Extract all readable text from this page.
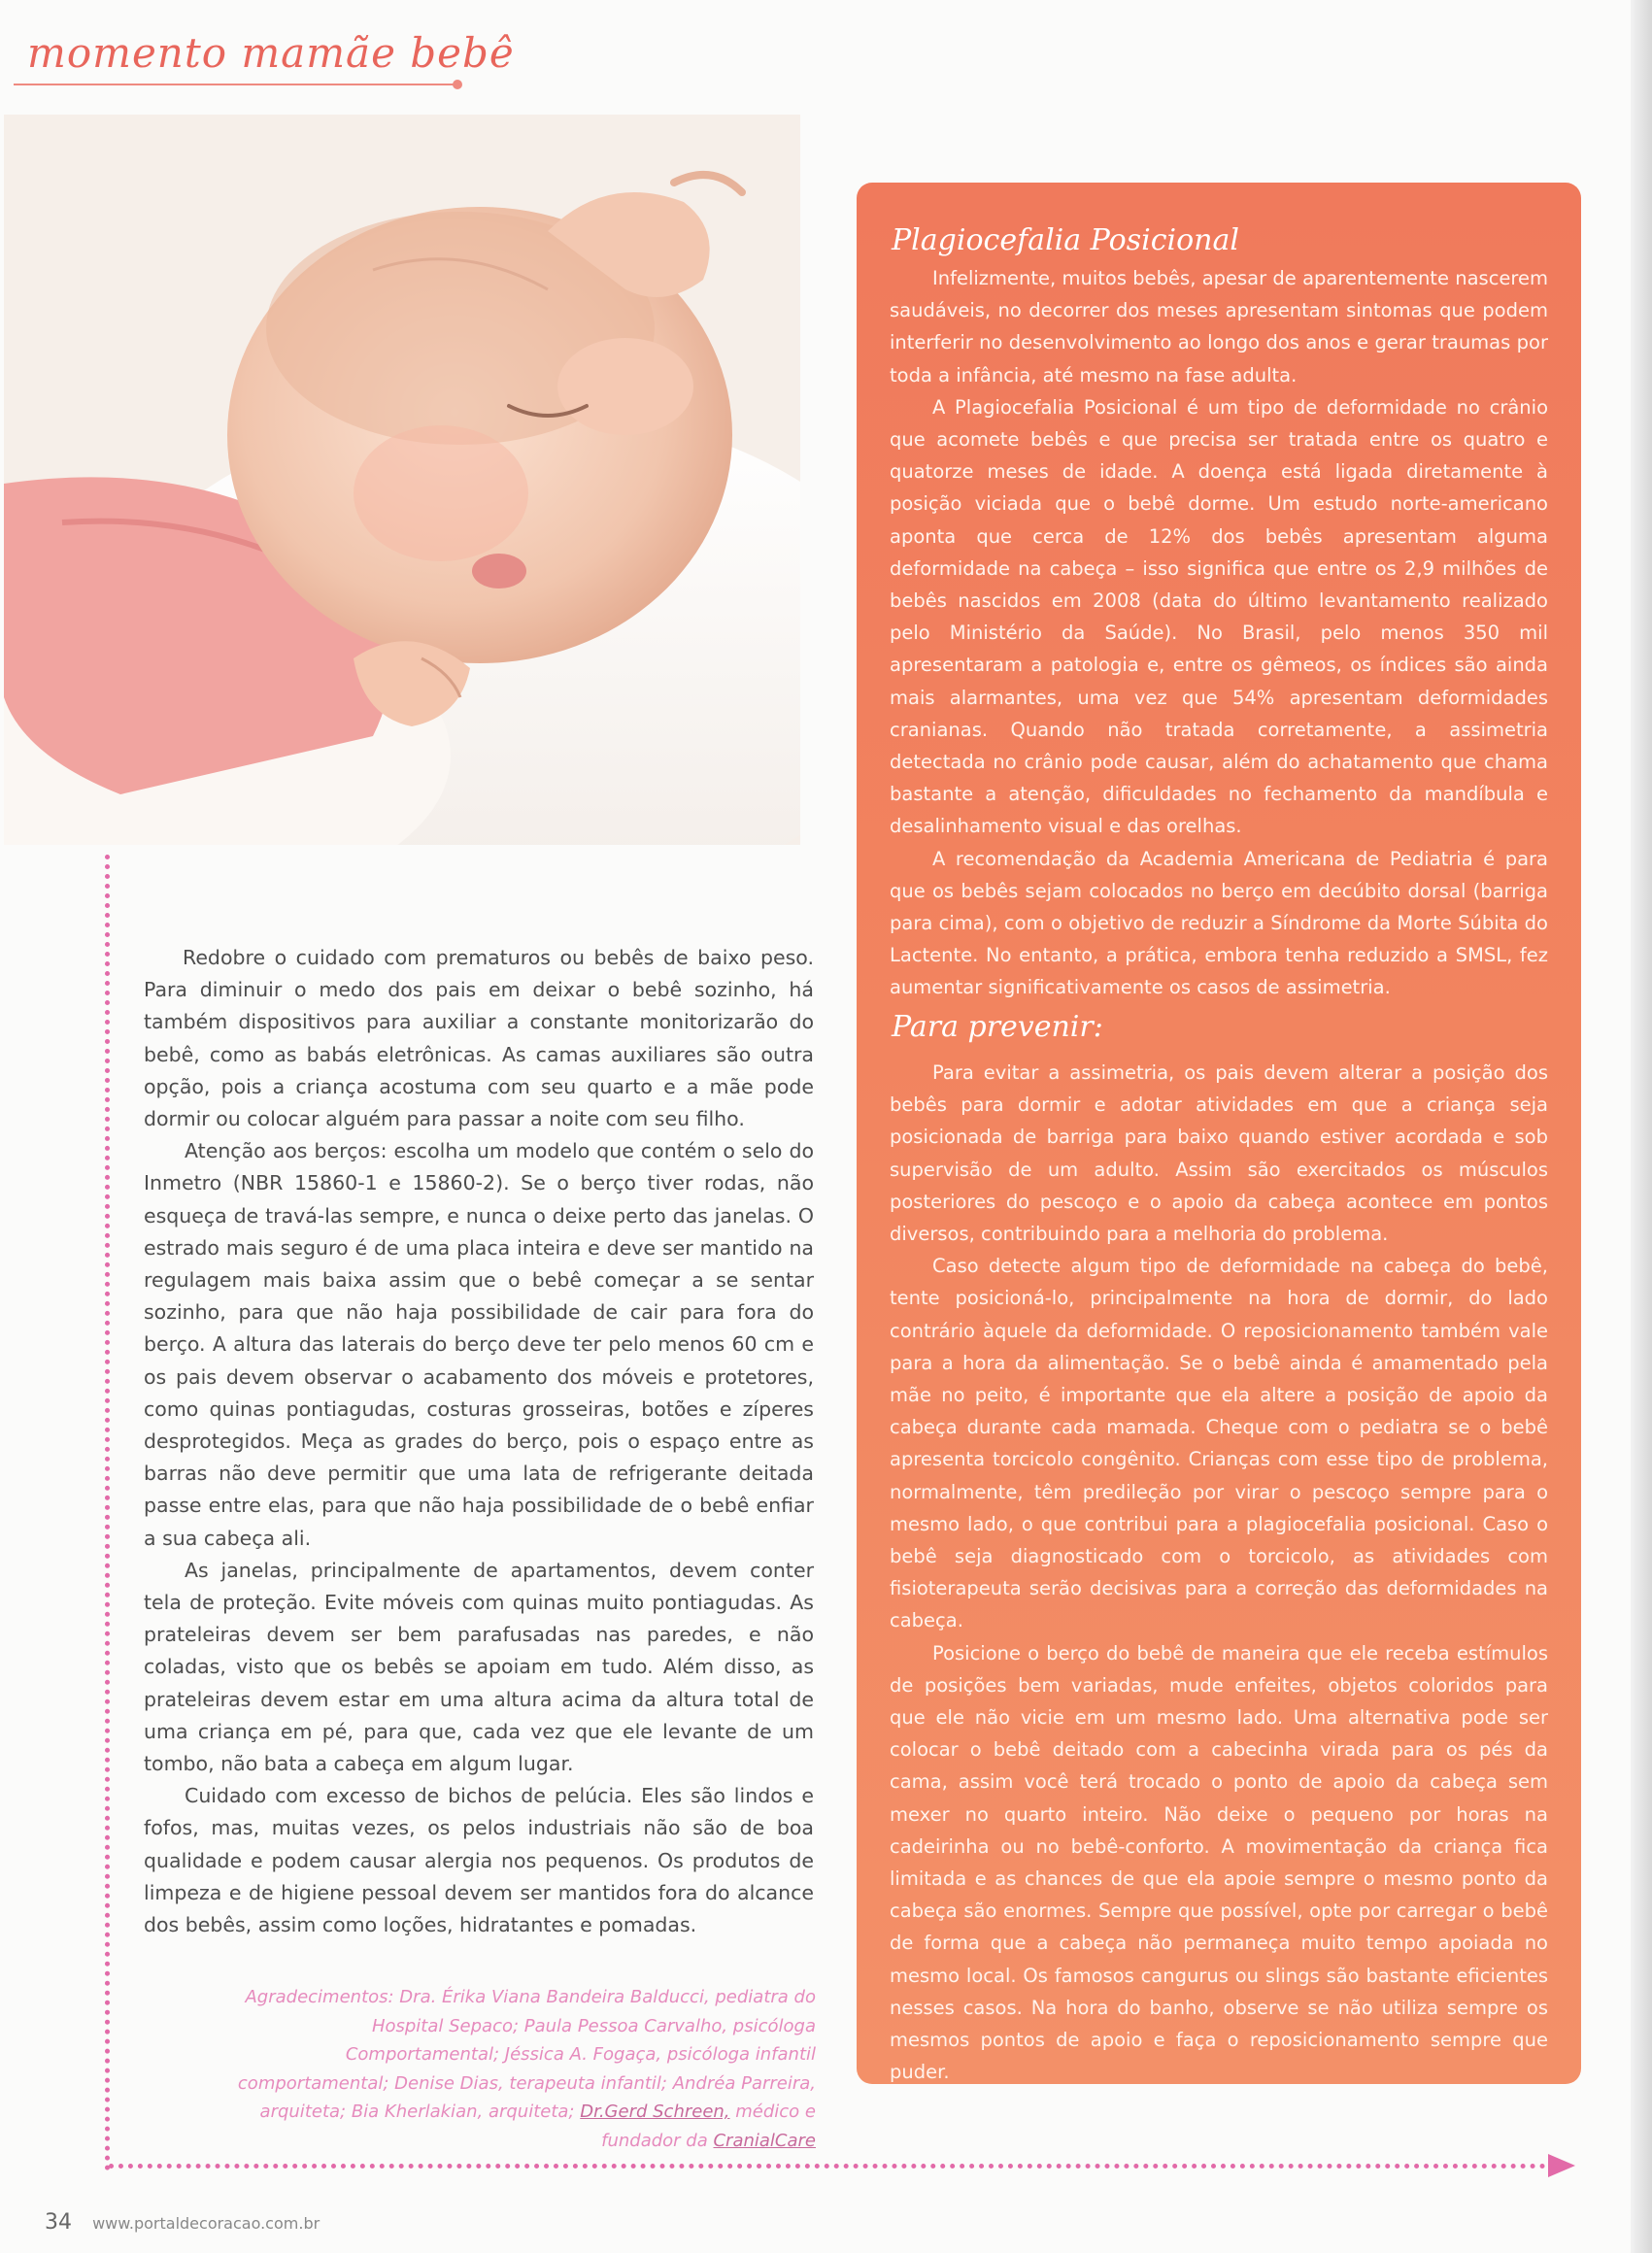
momento mamãe bebê

Redobre o cuidado com prematuros ou bebês de baixo peso. Para diminuir o medo dos pais em deixar o bebê sozinho, há também dispositivos para auxiliar a constante monitorizarão do bebê, como as babás eletrônicas. As camas auxiliares são outra opção, pois a criança acostuma com seu quarto e a mãe pode dormir ou colocar alguém para passar a noite com seu filho.

Atenção aos berços: escolha um modelo que contém o selo do Inmetro (NBR 15860-1 e 15860-2). Se o berço tiver rodas, não esqueça de travá-las sempre, e nunca o deixe perto das janelas. O estrado mais seguro é de uma placa inteira e deve ser mantido na regulagem mais baixa assim que o bebê começar a se sentar sozinho, para que não haja possibilidade de cair para fora do berço. A altura das laterais do berço deve ter pelo menos 60 cm e os pais devem observar o acabamento dos móveis e protetores, como quinas pontiagudas, costuras grosseiras, botões e zíperes desprotegidos. Meça as grades do berço, pois o espaço entre as barras não deve permitir que uma lata de refrigerante deitada passe entre elas, para que não haja possibilidade de o bebê enfiar a sua cabeça ali.

As janelas, principalmente de apartamentos, devem conter tela de proteção. Evite móveis com quinas muito pontiagudas. As prateleiras devem ser bem parafusadas nas paredes, e não coladas, visto que os bebês se apoiam em tudo. Além disso, as prateleiras devem estar em uma altura acima da altura total de uma criança em pé, para que, cada vez que ele levante de um tombo, não bata a cabeça em algum lugar.

Cuidado com excesso de bichos de pelúcia. Eles são lindos e fofos, mas, muitas vezes, os pelos industriais não são de boa qualidade e podem causar alergia nos pequenos. Os produtos de limpeza e de higiene pessoal devem ser mantidos fora do alcance dos bebês, assim como loções, hidratantes e pomadas.

Agradecimentos: Dra. Érika Viana Bandeira Balducci, pediatra do Hospital Sepaco; Paula Pessoa Carvalho, psicóloga Comportamental; Jéssica A. Fogaça, psicóloga infantil comportamental; Denise Dias, terapeuta infantil; Andréa Parreira, arquiteta; Bia Kherlakian, arquiteta; Dr.Gerd Schreen, médico e fundador da CranialCare
Plagiocefalia Posicional

Infelizmente, muitos bebês, apesar de aparentemente nascerem saudáveis, no decorrer dos meses apresentam sintomas que podem interferir no desenvolvimento ao longo dos anos e gerar traumas por toda a infância, até mesmo na fase adulta.

A Plagiocefalia Posicional é um tipo de deformidade no crânio que acomete bebês e que precisa ser tratada entre os quatro e quatorze meses de idade. A doença está ligada diretamente à posição viciada que o bebê dorme. Um estudo norte-americano aponta que cerca de 12% dos bebês apresentam alguma deformidade na cabeça – isso significa que entre os 2,9 milhões de bebês nascidos em 2008 (data do último levantamento realizado pelo Ministério da Saúde). No Brasil, pelo menos 350 mil apresentaram a patologia e, entre os gêmeos, os índices são ainda mais alarmantes, uma vez que 54% apresentam deformidades cranianas. Quando não tratada corretamente, a assimetria detectada no crânio pode causar, além do achatamento que chama bastante a atenção, dificuldades no fechamento da mandíbula e desalinhamento visual e das orelhas.

A recomendação da Academia Americana de Pediatria é para que os bebês sejam colocados no berço em decúbito dorsal (barriga para cima), com o objetivo de reduzir a Síndrome da Morte Súbita do Lactente. No entanto, a prática, embora tenha reduzido a SMSL, fez aumentar significativamente os casos de assimetria.

Para prevenir:

Para evitar a assimetria, os pais devem alterar a posição dos bebês para dormir e adotar atividades em que a criança seja posicionada de barriga para baixo quando estiver acordada e sob supervisão de um adulto. Assim são exercitados os músculos posteriores do pescoço e o apoio da cabeça acontece em pontos diversos, contribuindo para a melhoria do problema.

Caso detecte algum tipo de deformidade na cabeça do bebê, tente posicioná-lo, principalmente na hora de dormir, do lado contrário àquele da deformidade. O reposicionamento também vale para a hora da alimentação. Se o bebê ainda é amamentado pela mãe no peito, é importante que ela altere a posição de apoio da cabeça durante cada mamada. Cheque com o pediatra se o bebê apresenta torcicolo congênito. Crianças com esse tipo de problema, normalmente, têm predileção por virar o pescoço sempre para o mesmo lado, o que contribui para a plagiocefalia posicional. Caso o bebê seja diagnosticado com o torcicolo, as atividades com fisioterapeuta serão decisivas para a correção das deformidades na cabeça.

Posicione o berço do bebê de maneira que ele receba estímulos de posições bem variadas, mude enfeites, objetos coloridos para que ele não vicie em um mesmo lado. Uma alternativa pode ser colocar o bebê deitado com a cabecinha virada para os pés da cama, assim você terá trocado o ponto de apoio da cabeça sem mexer no quarto inteiro. Não deixe o pequeno por horas na cadeirinha ou no bebê-conforto. A movimentação da criança fica limitada e as chances de que ela apoie sempre o mesmo ponto da cabeça são enormes. Sempre que possível, opte por carregar o bebê de forma que a cabeça não permaneça muito tempo apoiada no mesmo local. Os famosos cangurus ou slings são bastante eficientes nesses casos. Na hora do banho, observe se não utiliza sempre os mesmos pontos de apoio e faça o reposicionamento sempre que puder.

34 www.portaldecoracao.com.br
